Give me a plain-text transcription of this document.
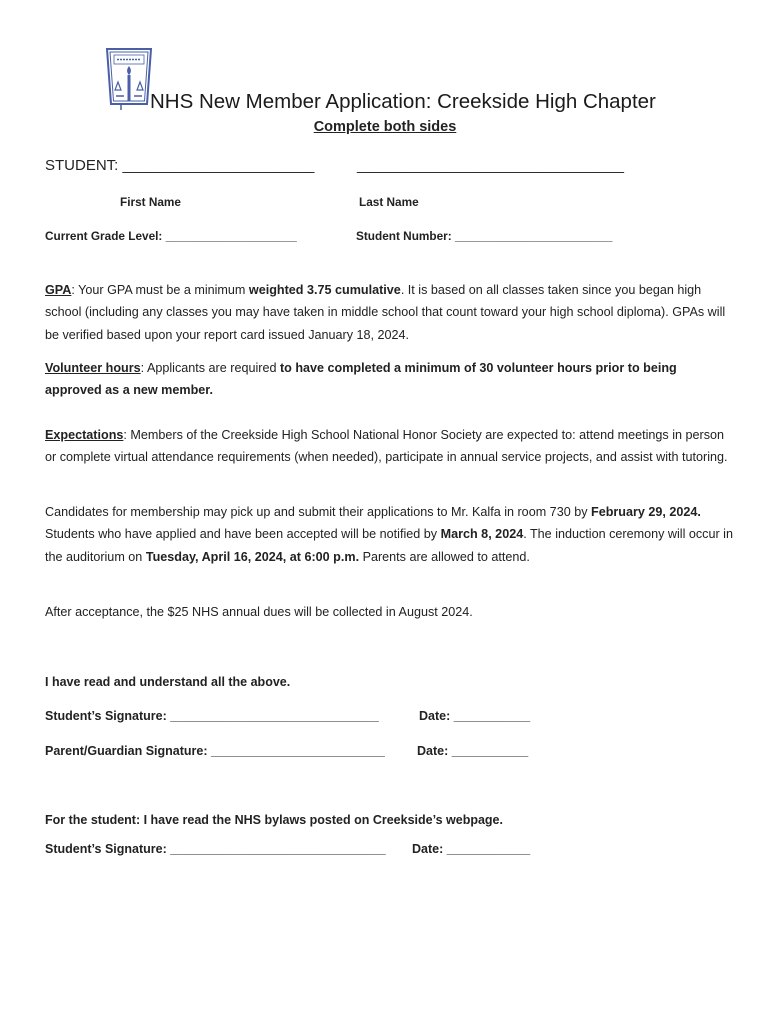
NHS New Member Application: Creekside High Chapter
Complete both sides
STUDENT: _______________________	________________________________
First Name	Last Name
Current Grade Level: ____________________	Student Number: ________________________

GPA: Your GPA must be a minimum weighted 3.75 cumulative. It is based on all classes taken since you began high school (including any classes you may have taken in middle school that count toward your high school diploma). GPAs will be verified based upon your report card issued January 18, 2024.

Volunteer hours: Applicants are required to have completed a minimum of 30 volunteer hours prior to being approved as a new member.

Expectations: Members of the Creekside High School National Honor Society are expected to: attend meetings in person or complete virtual attendance requirements (when needed), participate in annual service projects, and assist with tutoring.

Candidates for membership may pick up and submit their applications to Mr. Kalfa in room 730 by February 29, 2024. Students who have applied and have been accepted will be notified by March 8, 2024. The induction ceremony will occur in the auditorium on Tuesday, April 16, 2024, at 6:00 p.m. Parents are allowed to attend.

After acceptance, the $25 NHS annual dues will be collected in August 2024.

I have read and understand all the above.
Student’s Signature: ______________________________	Date: ___________
Parent/Guardian Signature: _________________________	Date: ___________
For the student: I have read the NHS bylaws posted on Creekside’s webpage.
Student’s Signature: _______________________________ Date: ____________
